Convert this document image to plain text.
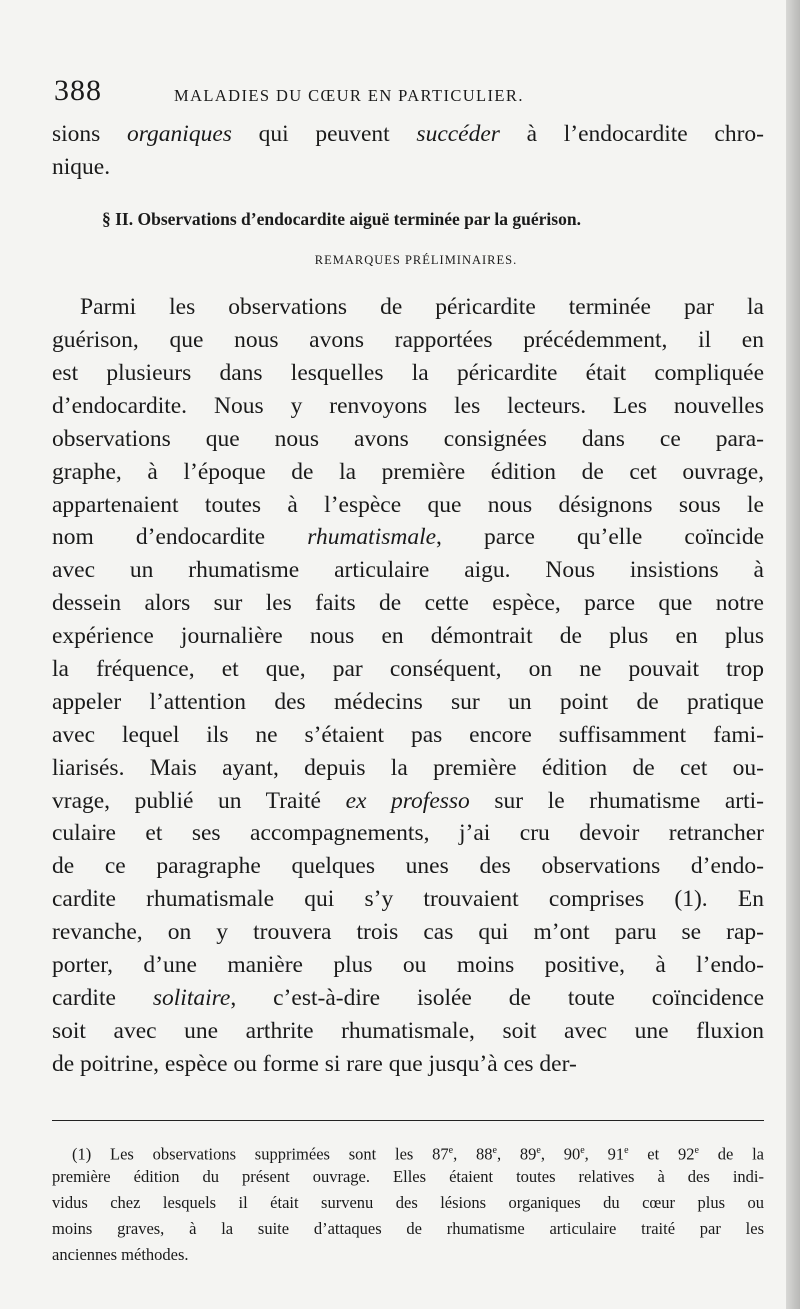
388	MALADIES DU CŒUR EN PARTICULIER.
sions organiques qui peuvent succéder à l’endocardite chro-
nique.
§ II. Observations d’endocardite aiguë terminée par la guérison.
REMARQUES PRÉLIMINAIRES.
Parmi les observations de péricardite terminée par la
guérison, que nous avons rapportées précédemment, il en
est plusieurs dans lesquelles la péricardite était compliquée
d’endocardite. Nous y renvoyons les lecteurs. Les nouvelles
observations que nous avons consignées dans ce para-
graphe, à l’époque de la première édition de cet ouvrage,
appartenaient toutes à l’espèce que nous désignons sous le
nom d’endocardite rhumatismale, parce qu’elle coïncide
avec un rhumatisme articulaire aigu. Nous insistions à
dessein alors sur les faits de cette espèce, parce que notre
expérience journalière nous en démontrait de plus en plus
la fréquence, et que, par conséquent, on ne pouvait trop
appeler l’attention des médecins sur un point de pratique
avec lequel ils ne s’étaient pas encore suffisamment fami-
liarisés. Mais ayant, depuis la première édition de cet ou-
vrage, publié un Traité ex professo sur le rhumatisme arti-
culaire et ses accompagnements, j’ai cru devoir retrancher
de ce paragraphe quelques unes des observations d’endo-
cardite rhumatismale qui s’y trouvaient comprises (1). En
revanche, on y trouvera trois cas qui m’ont paru se rap-
porter, d’une manière plus ou moins positive, à l’endo-
cardite solitaire, c’est-à-dire isolée de toute coïncidence
soit avec une arthrite rhumatismale, soit avec une fluxion
de poitrine, espèce ou forme si rare que jusqu’à ces der-
(1) Les observations supprimées sont les 87e, 88e, 89e, 90e, 91e et 92e de la
première édition du présent ouvrage. Elles étaient toutes relatives à des indi-
vidus chez lesquels il était survenu des lésions organiques du cœur plus ou
moins graves, à la suite d’attaques de rhumatisme articulaire traité par les
anciennes méthodes.
